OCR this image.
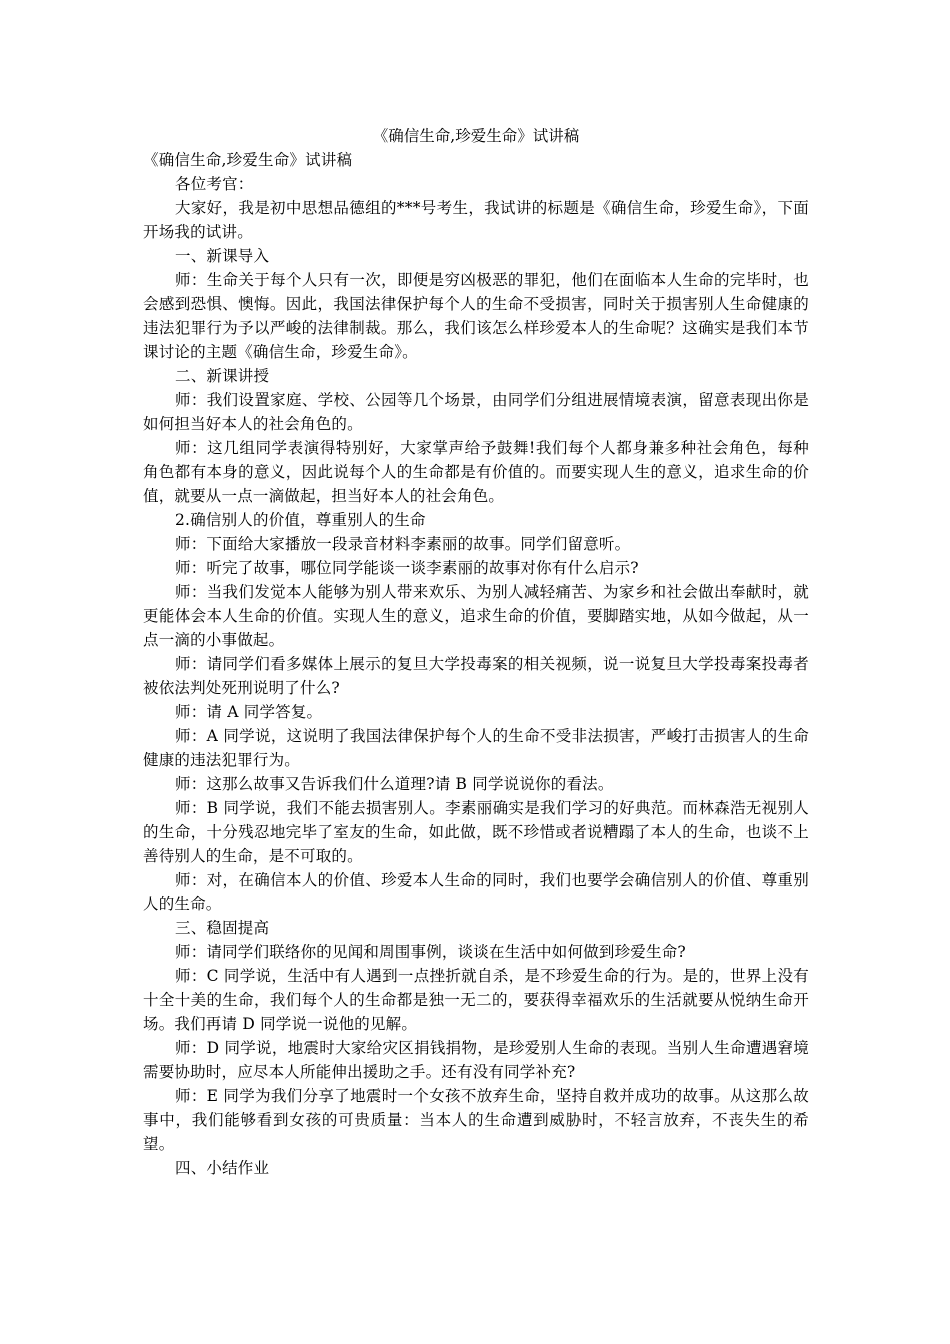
《确信生命,珍爱生命》试讲稿

《确信生命,珍爱生命》试讲稿

各位考官：

大家好，我是初中思想品德组的***号考生，我试讲的标题是《确信生命，珍爱生命》，下面开场我的试讲。

一、新课导入

师：生命关于每个人只有一次，即便是穷凶极恶的罪犯，他们在面临本人生命的完毕时，也会感到恐惧、懊悔。因此，我国法律保护每个人的生命不受损害，同时关于损害别人生命健康的违法犯罪行为予以严峻的法律制裁。那么，我们该怎么样珍爱本人的生命呢？这确实是我们本节课讨论的主题《确信生命，珍爱生命》。

二、新课讲授

师：我们设置家庭、学校、公园等几个场景，由同学们分组进展情境表演，留意表现出你是如何担当好本人的社会角色的。

师：这几组同学表演得特别好，大家掌声给予鼓舞!我们每个人都身兼多种社会角色，每种角色都有本身的意义，因此说每个人的生命都是有价值的。而要实现人生的意义，追求生命的价值，就要从一点一滴做起，担当好本人的社会角色。

2.确信别人的价值，尊重别人的生命

师：下面给大家播放一段录音材料李素丽的故事。同学们留意听。

师：听完了故事，哪位同学能谈一谈李素丽的故事对你有什么启示?

师：当我们发觉本人能够为别人带来欢乐、为别人减轻痛苦、为家乡和社会做出奉献时，就更能体会本人生命的价值。实现人生的意义，追求生命的价值，要脚踏实地，从如今做起，从一点一滴的小事做起。

师：请同学们看多媒体上展示的复旦大学投毒案的相关视频，说一说复旦大学投毒案投毒者被依法判处死刑说明了什么?

师：请 A 同学答复。

师：A 同学说，这说明了我国法律保护每个人的生命不受非法损害，严峻打击损害人的生命健康的违法犯罪行为。

师：这那么故事又告诉我们什么道理?请 B 同学说说你的看法。

师：B 同学说，我们不能去损害别人。李素丽确实是我们学习的好典范。而林森浩无视别人的生命，十分残忍地完毕了室友的生命，如此做，既不珍惜或者说糟蹋了本人的生命，也谈不上善待别人的生命，是不可取的。

师：对，在确信本人的价值、珍爱本人生命的同时，我们也要学会确信别人的价值、尊重别人的生命。

三、稳固提高

师：请同学们联络你的见闻和周围事例，谈谈在生活中如何做到珍爱生命?

师：C 同学说，生活中有人遇到一点挫折就自杀，是不珍爱生命的行为。是的，世界上没有十全十美的生命，我们每个人的生命都是独一无二的，要获得幸福欢乐的生活就要从悦纳生命开场。我们再请 D 同学说一说他的见解。

师：D 同学说，地震时大家给灾区捐钱捐物，是珍爱别人生命的表现。当别人生命遭遇窘境需要协助时，应尽本人所能伸出援助之手。还有没有同学补充?

师：E 同学为我们分享了地震时一个女孩不放弃生命，坚持自救并成功的故事。从这那么故事中，我们能够看到女孩的可贵质量：当本人的生命遭到威胁时，不轻言放弃，不丧失生的希望。

四、小结作业
